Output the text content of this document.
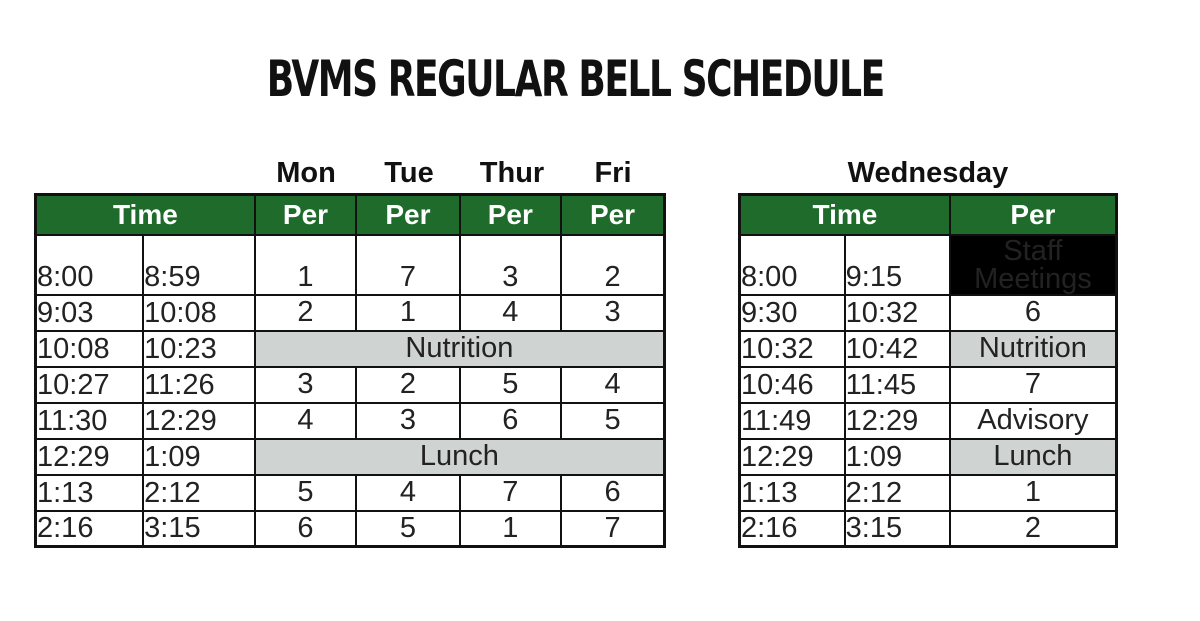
BVMS REGULAR BELL SCHEDULE
Mon	Tue	Thur	Fri	Wednesday
Time		Per	Per	Per	Per
8:00	8:59	1	7	3	2
9:03	10:08	2	1	4	3
10:08	10:23	Nutrition			
10:27	11:26	3	2	5	4
11:30	12:29	4	3	6	5
12:29	1:09	Lunch			
1:13	2:12	5	4	7	6
2:16	3:15	6	5	1	7
Time		Per
8:00	9:15	Staff Meetings
9:30	10:32	6
10:32	10:42	Nutrition
10:46	11:45	7
11:49	12:29	Advisory
12:29	1:09	Lunch
1:13	2:12	1
2:16	3:15	2
